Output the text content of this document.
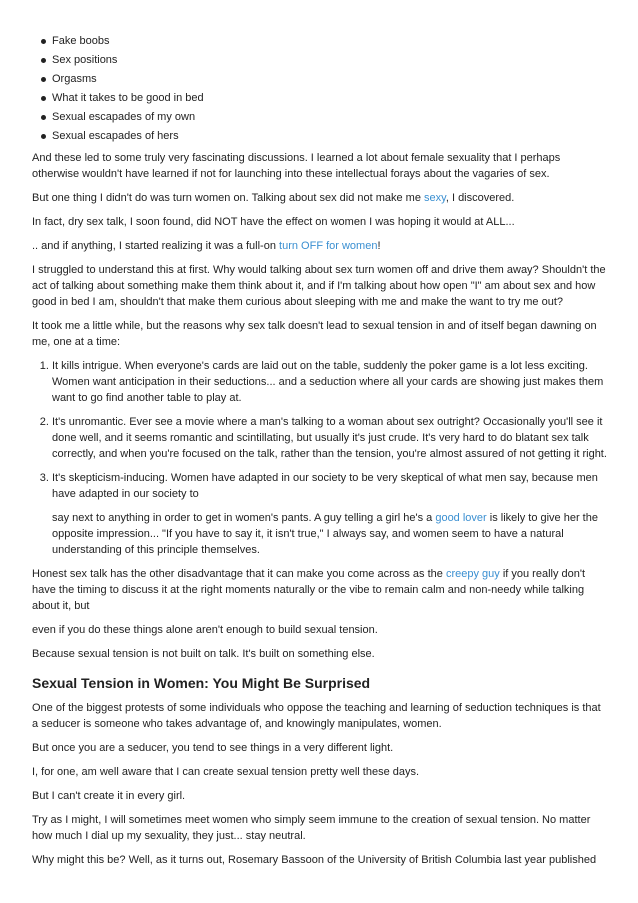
Fake boobs
Sex positions
Orgasms
What it takes to be good in bed
Sexual escapades of my own
Sexual escapades of hers

And these led to some truly very fascinating discussions. I learned a lot about female sexuality that I perhaps otherwise wouldn't have learned if not for launching into these intellectual forays about the vagaries of sex.

But one thing I didn't do was turn women on. Talking about sex did not make me sexy, I discovered.

In fact, dry sex talk, I soon found, did NOT have the effect on women I was hoping it would at ALL...

.. and if anything, I started realizing it was a full-on turn OFF for women!

I struggled to understand this at first. Why would talking about sex turn women off and drive them away? Shouldn't the act of talking about something make them think about it, and if I'm talking about how open "I" am about sex and how good in bed I am, shouldn't that make them curious about sleeping with me and make the want to try me out?

It took me a little while, but the reasons why sex talk doesn't lead to sexual tension in and of itself began dawning on me, one at a time:

1. It kills intrigue. When everyone's cards are laid out on the table, suddenly the poker game is a lot less exciting. Women want anticipation in their seductions... and a seduction where all your cards are showing just makes them want to go find another table to play at.
2. It's unromantic. Ever see a movie where a man's talking to a woman about sex outright? Occasionally you'll see it done well, and it seems romantic and scintillating, but usually it's just crude. It's very hard to do blatant sex talk correctly, and when you're focused on the talk, rather than the tension, you're almost assured of not getting it right.
3. It's skepticism-inducing. Women have adapted in our society to be very skeptical of what men say, because men have adapted in our society to
say next to anything in order to get in women's pants. A guy telling a girl he's a good lover is likely to give her the opposite impression... "If you have to say it, it isn't true," I always say, and women seem to have a natural understanding of this principle themselves.

Honest sex talk has the other disadvantage that it can make you come across as the creepy guy if you really don't have the timing to discuss it at the right moments naturally or the vibe to remain calm and non-needy while talking about it, but

even if you do these things alone aren't enough to build sexual tension.

Because sexual tension is not built on talk. It's built on something else.

Sexual Tension in Women: You Might Be Surprised

One of the biggest protests of some individuals who oppose the teaching and learning of seduction techniques is that a seducer is someone who takes advantage of, and knowingly manipulates, women.

But once you are a seducer, you tend to see things in a very different light.

I, for one, am well aware that I can create sexual tension pretty well these days.

But I can't create it in every girl.

Try as I might, I will sometimes meet women who simply seem immune to the creation of sexual tension. No matter how much I dial up my sexuality, they just... stay neutral.

Why might this be? Well, as it turns out, Rosemary Bassoon of the University of British Columbia last year published
